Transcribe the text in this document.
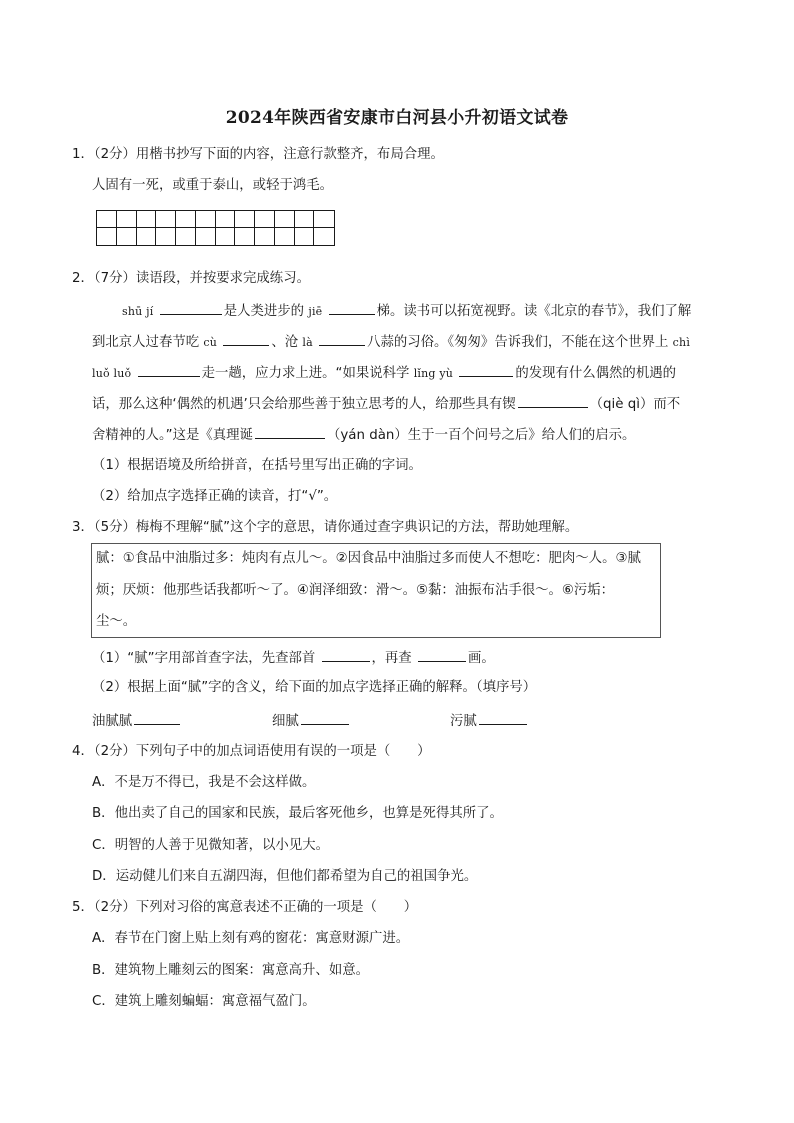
2024年陕西省安康市白河县小升初语文试卷
1．（2分）用楷书抄写下面的内容，注意行款整齐，布局合理。
人固有一死，或重于泰山，或轻于鸿毛。
2．（7分）读语段，并按要求完成练习。
shū jí	是人类进步的 jiē	梯。读书可以拓宽视野。读《北京的春节》，我们了解
到北京人过春节吃 cù	、沧 là	八蒜的习俗。《匆匆》告诉我们，不能在这个世界上 chì
luǒ luǒ	走一趟，应力求上进。“如果说科学 lǐng yù	的发现有什么偶然的机遇的
话，那么这种‘偶然的机遇’只会给那些善于独立思考的人，给那些具有锲	（qiè qì）而不
舍精神的人。”这是《真理诞	（yán dàn）生于一百个问号之后》给人们的启示。
（1）根据语境及所给拼音，在括号里写出正确的字词。
（2）给加点字选择正确的读音，打“√”。
3．（5分）梅梅不理解“腻”这个字的意思，请你通过查字典识记的方法，帮助她理解。
腻：①食品中油脂过多：炖肉有点儿～。②因食品中油脂过多而使人不想吃：肥肉～人。③腻
烦；厌烦：他那些话我都听～了。④润泽细致：滑～。⑤黏：油振布沾手很～。⑥污垢：
尘～。
（1）“腻”字用部首查字法，先查部首	，再查	画。
（2）根据上面“腻”字的含义，给下面的加点字选择正确的解释。（填序号）
油腻腻	细腻	污腻
4．（2分）下列句子中的加点词语使用有误的一项是（　　）
A．不是万不得已，我是不会这样做。
B．他出卖了自己的国家和民族，最后客死他乡，也算是死得其所了。
C．明智的人善于见微知著，以小见大。
D．运动健儿们来自五湖四海，但他们都希望为自己的祖国争光。
5．（2分）下列对习俗的寓意表述不正确的一项是（　　）
A．春节在门窗上贴上刻有鸡的窗花：寓意财源广进。
B．建筑物上雕刻云的图案：寓意高升、如意。
C．建筑上雕刻蝙蝠：寓意福气盈门。
